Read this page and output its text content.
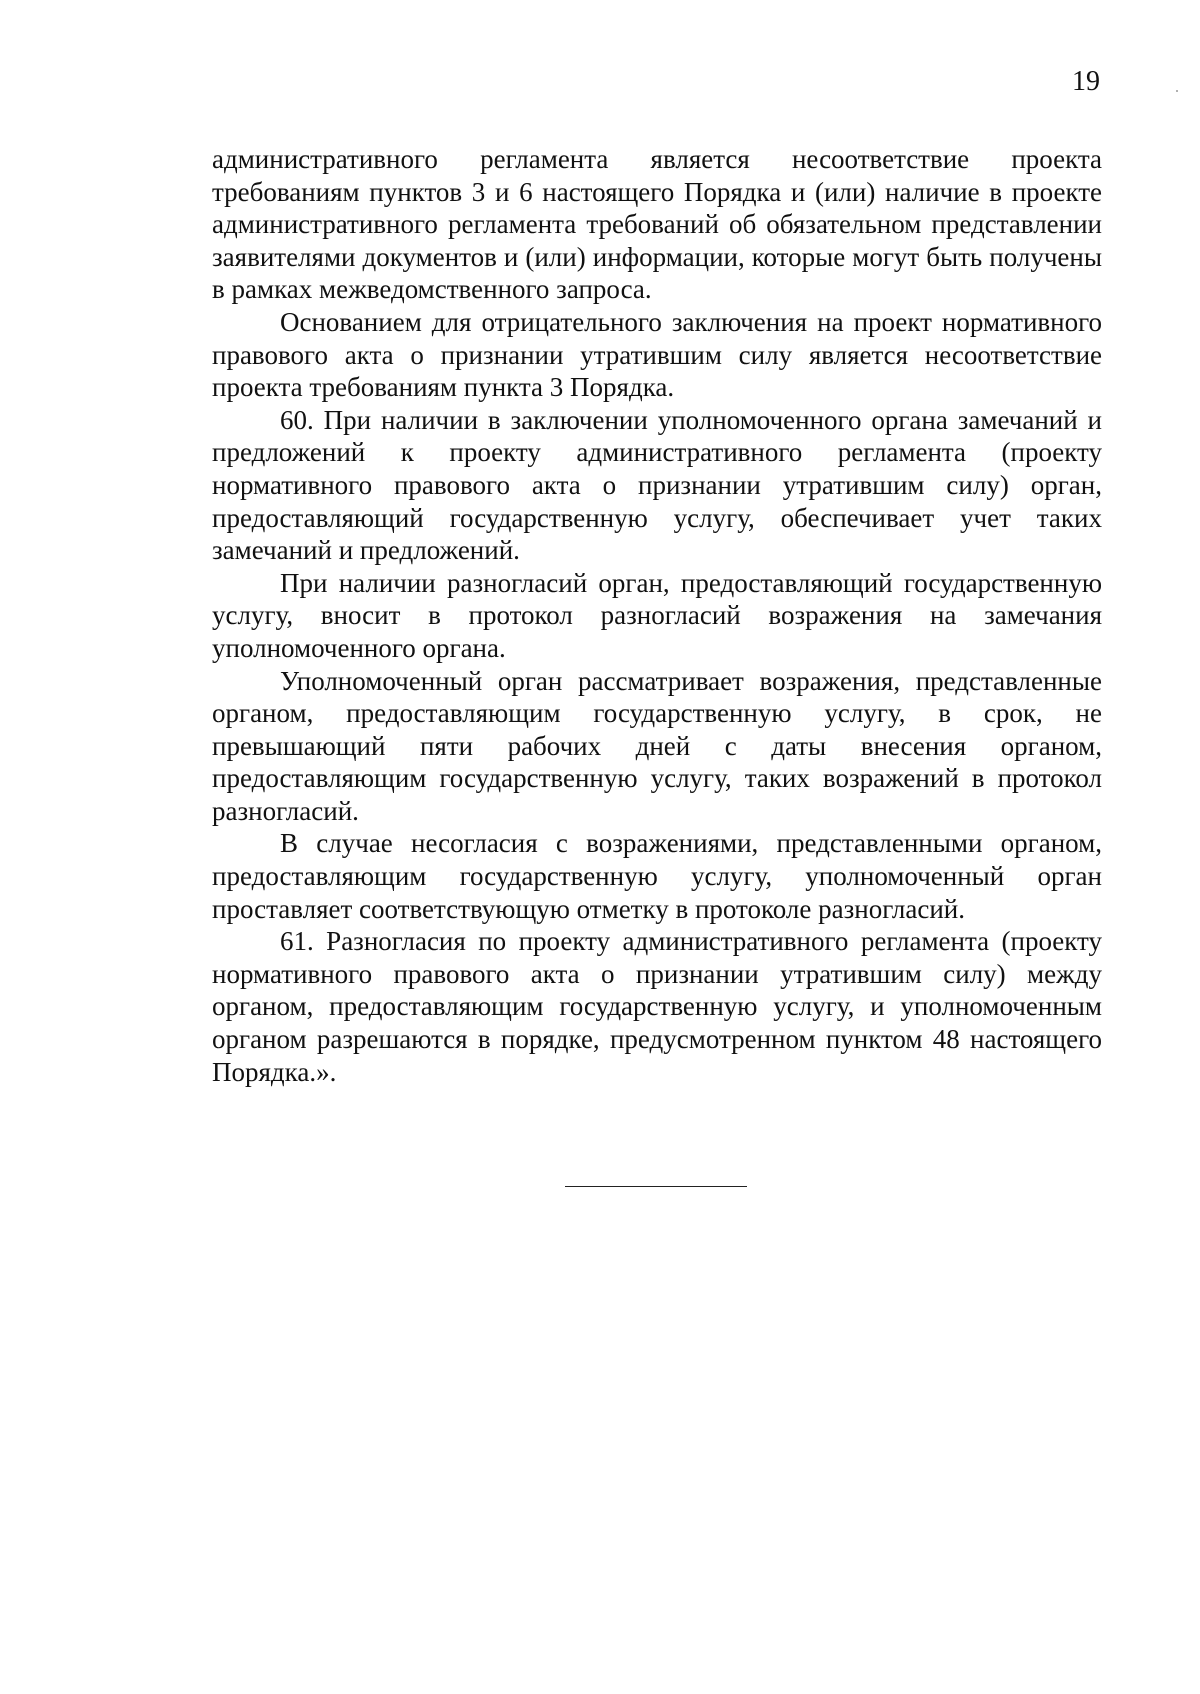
19

административного регламента является несоответствие проекта требованиям пунктов 3 и 6 настоящего Порядка и (или) наличие в проекте административного регламента требований об обязательном представлении заявителями документов и (или) информации, которые могут быть получены в рамках межведомственного запроса.

Основанием для отрицательного заключения на проект нормативного правового акта о признании утратившим силу является несоответствие проекта требованиям пункта 3 Порядка.

60. При наличии в заключении уполномоченного органа замечаний и предложений к проекту административного регламента (проекту нормативного правового акта о признании утратившим силу) орган, предоставляющий государственную услугу, обеспечивает учет таких замечаний и предложений.

При наличии разногласий орган, предоставляющий государственную услугу, вносит в протокол разногласий возражения на замечания уполномоченного органа.

Уполномоченный орган рассматривает возражения, представленные органом, предоставляющим государственную услугу, в срок, не превышающий пяти рабочих дней с даты внесения органом, предоставляющим государственную услугу, таких возражений в протокол разногласий.

В случае несогласия с возражениями, представленными органом, предоставляющим государственную услугу, уполномоченный орган проставляет соответствующую отметку в протоколе разногласий.

61. Разногласия по проекту административного регламента (проекту нормативного правового акта о признании утратившим силу) между органом, предоставляющим государственную услугу, и уполномоченным органом разрешаются в порядке, предусмотренном пунктом 48 настоящего Порядка.».
